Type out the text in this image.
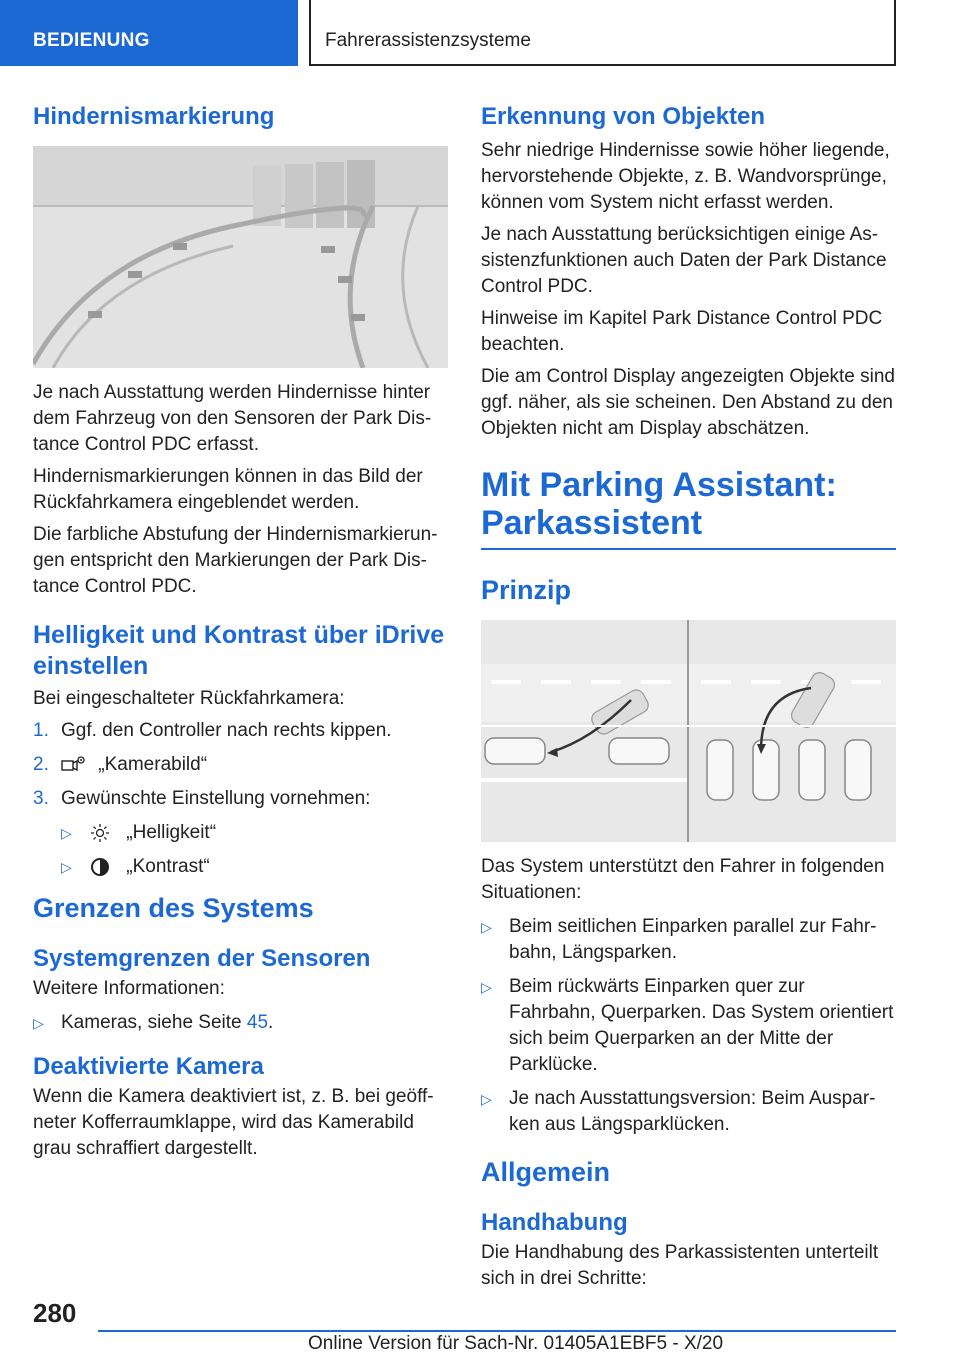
BEDIENUNG	Fahrerassistenzsysteme
Hindernismarkierung

Je nach Ausstattung werden Hindernisse hinter dem Fahrzeug von den Sensoren der Park Dis‐ tance Control PDC erfasst.

Hindernismarkierungen können in das Bild der Rückfahrkamera eingeblendet werden.

Die farbliche Abstufung der Hindernismarkierun‐ gen entspricht den Markierungen der Park Dis‐ tance Control PDC.

Helligkeit und Kontrast über iDrive einstellen

Bei eingeschalteter Rückfahrkamera:

1. Ggf. den Controller nach rechts kippen.
2.	„Kamerabild“
3. Gewünschte Einstellung vornehmen:
▷	„Helligkeit“
▷	„Kontrast“
Grenzen des Systems
Systemgrenzen der Sensoren

Weitere Informationen:

▷ Kameras, siehe Seite 45.
Deaktivierte Kamera

Wenn die Kamera deaktiviert ist, z. B. bei geöff‐ neter Kofferraumklappe, wird das Kamerabild grau schraffiert dargestellt.

Erkennung von Objekten

Sehr niedrige Hindernisse sowie höher liegende, hervorstehende Objekte, z. B. Wandvorsprünge, können vom System nicht erfasst werden.

Je nach Ausstattung berücksichtigen einige As‐ sistenzfunktionen auch Daten der Park Distance Control PDC.

Hinweise im Kapitel Park Distance Control PDC beachten.

Die am Control Display angezeigten Objekte sind ggf. näher, als sie scheinen. Den Abstand zu den Objekten nicht am Display abschätzen.

Mit Parking Assistant: Parkassistent
Prinzip

Das System unterstützt den Fahrer in folgenden Situationen:

▷ Beim seitlichen Einparken parallel zur Fahr‐ bahn, Längsparken.
▷ Beim rückwärts Einparken quer zur Fahrbahn, Querparken. Das System orientiert sich beim Querparken an der Mitte der Parklücke.
▷ Je nach Ausstattungsversion: Beim Auspar‐ ken aus Längsparklücken.
Allgemein
Handhabung

Die Handhabung des Parkassistenten unterteilt sich in drei Schritte:

280
Online Version für Sach-Nr. 01405A1EBF5 - X/20
